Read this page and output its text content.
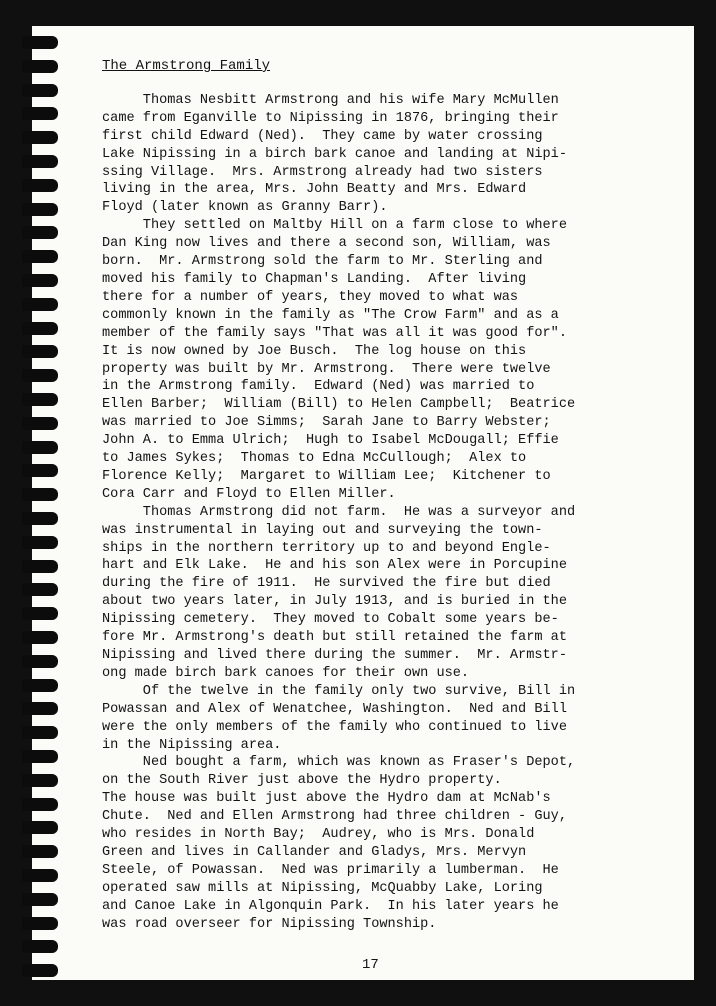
The Armstrong Family
Thomas Nesbitt Armstrong and his wife Mary McMullen
came from Eganville to Nipissing in 1876, bringing their
first child Edward (Ned).  They came by water crossing
Lake Nipissing in a birch bark canoe and landing at Nipi-
ssing Village.  Mrs. Armstrong already had two sisters
living in the area, Mrs. John Beatty and Mrs. Edward
Floyd (later known as Granny Barr).
They settled on Maltby Hill on a farm close to where
Dan King now lives and there a second son, William, was
born.  Mr. Armstrong sold the farm to Mr. Sterling and
moved his family to Chapman's Landing.  After living
there for a number of years, they moved to what was
commonly known in the family as "The Crow Farm" and as a
member of the family says "That was all it was good for".
It is now owned by Joe Busch.  The log house on this
property was built by Mr. Armstrong.  There were twelve
in the Armstrong family.  Edward (Ned) was married to
Ellen Barber;  William (Bill) to Helen Campbell;  Beatrice
was married to Joe Simms;  Sarah Jane to Barry Webster;
John A. to Emma Ulrich;  Hugh to Isabel McDougall; Effie
to James Sykes;  Thomas to Edna McCullough;  Alex to
Florence Kelly;  Margaret to William Lee;  Kitchener to
Cora Carr and Floyd to Ellen Miller.
Thomas Armstrong did not farm.  He was a surveyor and
was instrumental in laying out and surveying the town-
ships in the northern territory up to and beyond Engle-
hart and Elk Lake.  He and his son Alex were in Porcupine
during the fire of 1911.  He survived the fire but died
about two years later, in July 1913, and is buried in the
Nipissing cemetery.  They moved to Cobalt some years be-
fore Mr. Armstrong's death but still retained the farm at
Nipissing and lived there during the summer.  Mr. Armstr-
ong made birch bark canoes for their own use.
Of the twelve in the family only two survive, Bill in
Powassan and Alex of Wenatchee, Washington.  Ned and Bill
were the only members of the family who continued to live
in the Nipissing area.
Ned bought a farm, which was known as Fraser's Depot,
on the South River just above the Hydro property.
The house was built just above the Hydro dam at McNab's
Chute.  Ned and Ellen Armstrong had three children - Guy,
who resides in North Bay;  Audrey, who is Mrs. Donald
Green and lives in Callander and Gladys, Mrs. Mervyn
Steele, of Powassan.  Ned was primarily a lumberman.  He
operated saw mills at Nipissing, McQuabby Lake, Loring
and Canoe Lake in Algonquin Park.  In his later years he
was road overseer for Nipissing Township.
17
